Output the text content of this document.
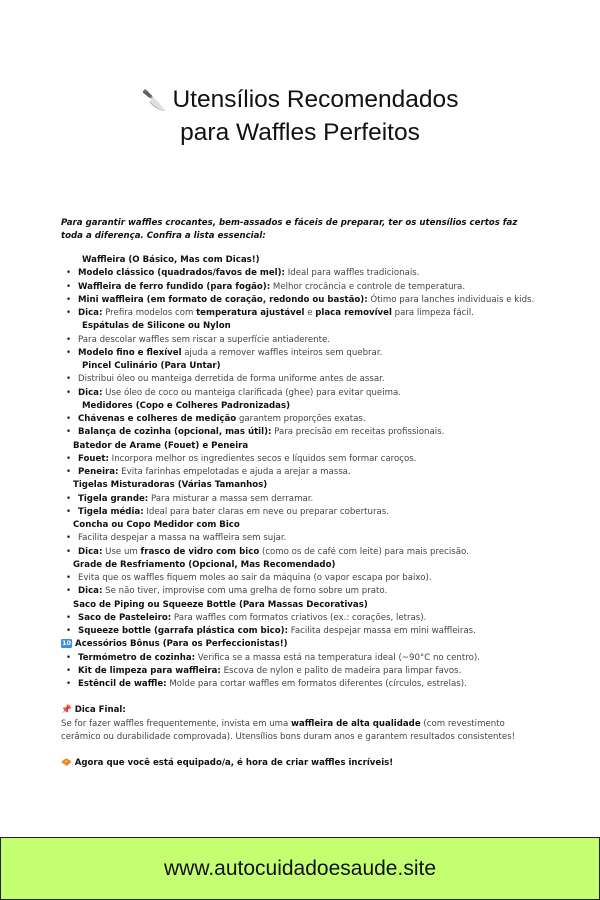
🔪 Utensílios Recomendados
para Waffles Perfeitos

Para garantir waffles crocantes, bem-assados e fáceis de preparar, ter os utensílios certos faz toda a diferença. Confira a lista essencial:

Waffleira (O Básico, Mas com Dicas!)
• Modelo clássico (quadrados/favos de mel): Ideal para waffles tradicionais.
• Waffleira de ferro fundido (para fogão): Melhor crocância e controle de temperatura.
• Mini waffleira (em formato de coração, redondo ou bastão): Ótimo para lanches individuais e kids.
• Dica: Prefira modelos com temperatura ajustável e placa removível para limpeza fácil.
Espátulas de Silicone ou Nylon
• Para descolar waffles sem riscar a superfície antiaderente.
• Modelo fino e flexível ajuda a remover waffles inteiros sem quebrar.
Pincel Culinário (Para Untar)
• Distribui óleo ou manteiga derretida de forma uniforme antes de assar.
• Dica: Use óleo de coco ou manteiga clarificada (ghee) para evitar queima.
Medidores (Copo e Colheres Padronizadas)
• Chávenas e colheres de medição garantem proporções exatas.
• Balança de cozinha (opcional, mas útil): Para precisão em receitas profissionais.
Batedor de Arame (Fouet) e Peneira
• Fouet: Incorpora melhor os ingredientes secos e líquidos sem formar caroços.
• Peneira: Evita farinhas empelotadas e ajuda a arejar a massa.
Tigelas Misturadoras (Várias Tamanhos)
• Tigela grande: Para misturar a massa sem derramar.
• Tigela média: Ideal para bater claras em neve ou preparar coberturas.
Concha ou Copo Medidor com Bico
• Facilita despejar a massa na waffleira sem sujar.
• Dica: Use um frasco de vidro com bico (como os de café com leite) para mais precisão.
Grade de Resfriamento (Opcional, Mas Recomendado)
• Evita que os waffles fiquem moles ao sair da máquina (o vapor escapa por baixo).
• Dica: Se não tiver, improvise com uma grelha de forno sobre um prato.
Saco de Piping ou Squeeze Bottle (Para Massas Decorativas)
• Saco de Pasteleiro: Para waffles com formatos criativos (ex.: corações, letras).
• Squeeze bottle (garrafa plástica com bico): Facilita despejar massa em mini waffleiras.
10 Acessórios Bônus (Para os Perfeccionistas!)
• Termómetro de cozinha: Verifica se a massa está na temperatura ideal (~90°C no centro).
• Kit de limpeza para waffleira: Escova de nylon e palito de madeira para limpar favos.
• Estêncil de waffle: Molde para cortar waffles em formatos diferentes (círculos, estrelas).
📌 Dica Final:
Se for fazer waffles frequentemente, invista em uma waffleira de alta qualidade (com revestimento cerâmico ou durabilidade comprovada). Utensílios bons duram anos e garantem resultados consistentes!
🧇 Agora que você está equipado/a, é hora de criar waffles incríveis!
www.autocuidadoesaude.site
